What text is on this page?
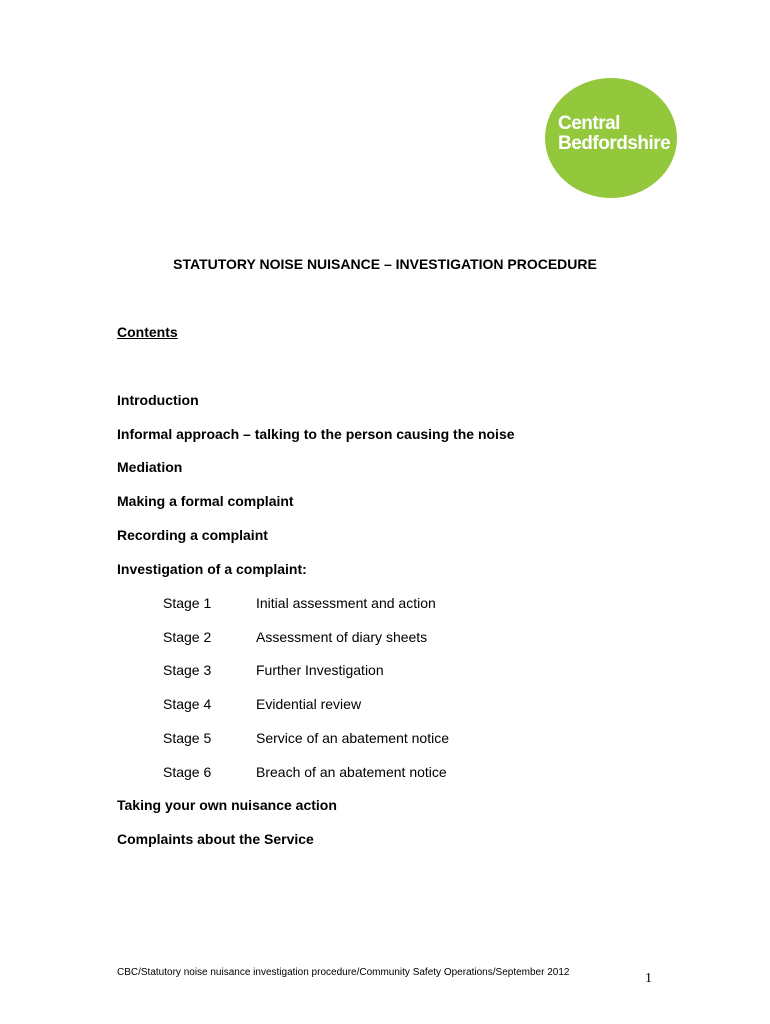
Central
Bedfordshire
STATUTORY NOISE NUISANCE – INVESTIGATION PROCEDURE
Contents
Introduction
Informal approach – talking to the person causing the noise
Mediation
Making a formal complaint
Recording a complaint
Investigation of a complaint:
Stage 1	Initial assessment and action
Stage 2	Assessment of diary sheets
Stage 3	Further Investigation
Stage 4	Evidential review
Stage 5	Service of an abatement notice
Stage 6	Breach of an abatement notice
Taking your own nuisance action
Complaints about the Service
CBC/Statutory noise nuisance investigation procedure/Community Safety Operations/September 2012	1
